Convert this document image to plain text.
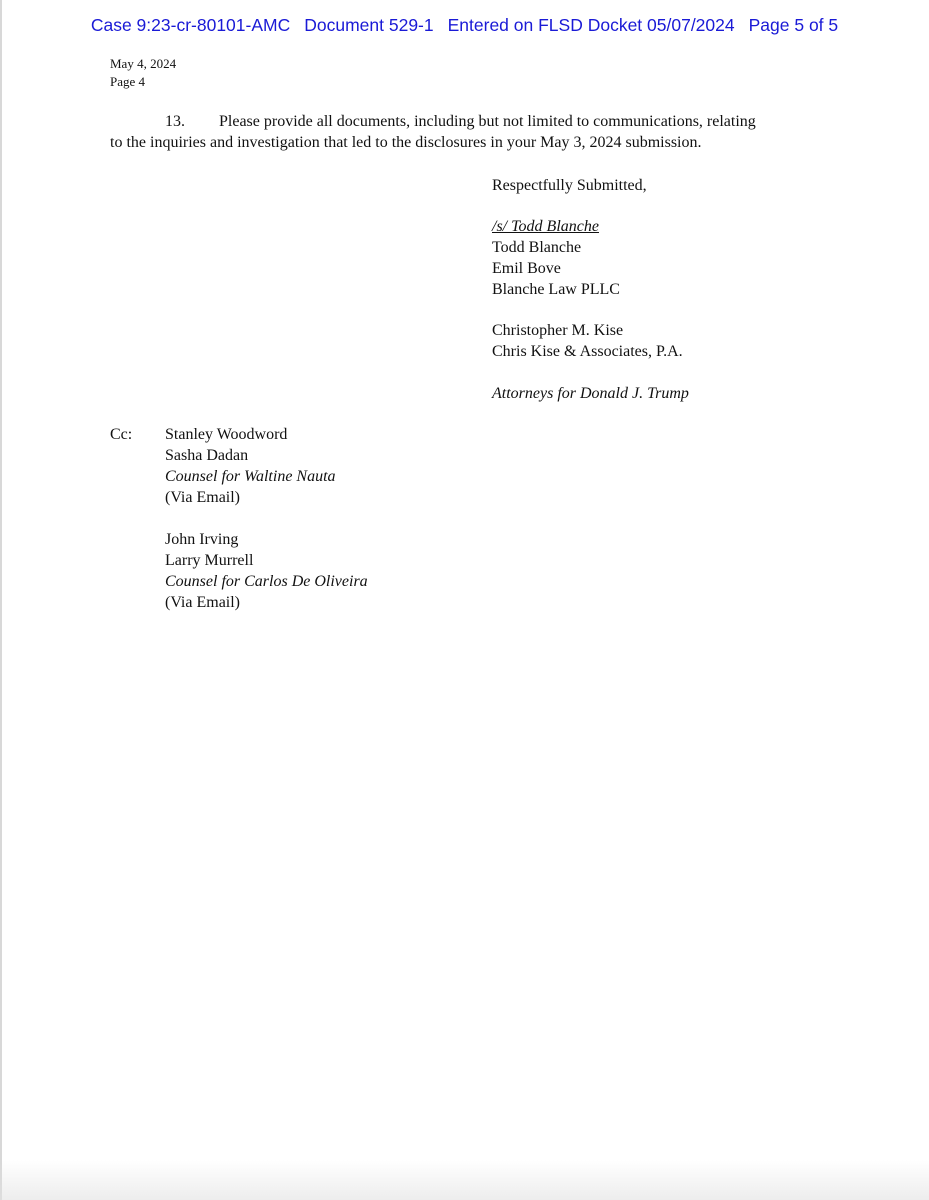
Case 9:23-cr-80101-AMC Document 529-1 Entered on FLSD Docket 05/07/2024 Page 5 of 5
May 4, 2024
Page 4
13. Please provide all documents, including but not limited to communications, relating
to the inquiries and investigation that led to the disclosures in your May 3, 2024 submission.
Respectfully Submitted,
/s/ Todd Blanche
Todd Blanche
Emil Bove
Blanche Law PLLC
Christopher M. Kise
Chris Kise & Associates, P.A.
Attorneys for Donald J. Trump
Cc: Stanley Woodword
Sasha Dadan
Counsel for Waltine Nauta
(Via Email)
John Irving
Larry Murrell
Counsel for Carlos De Oliveira
(Via Email)
